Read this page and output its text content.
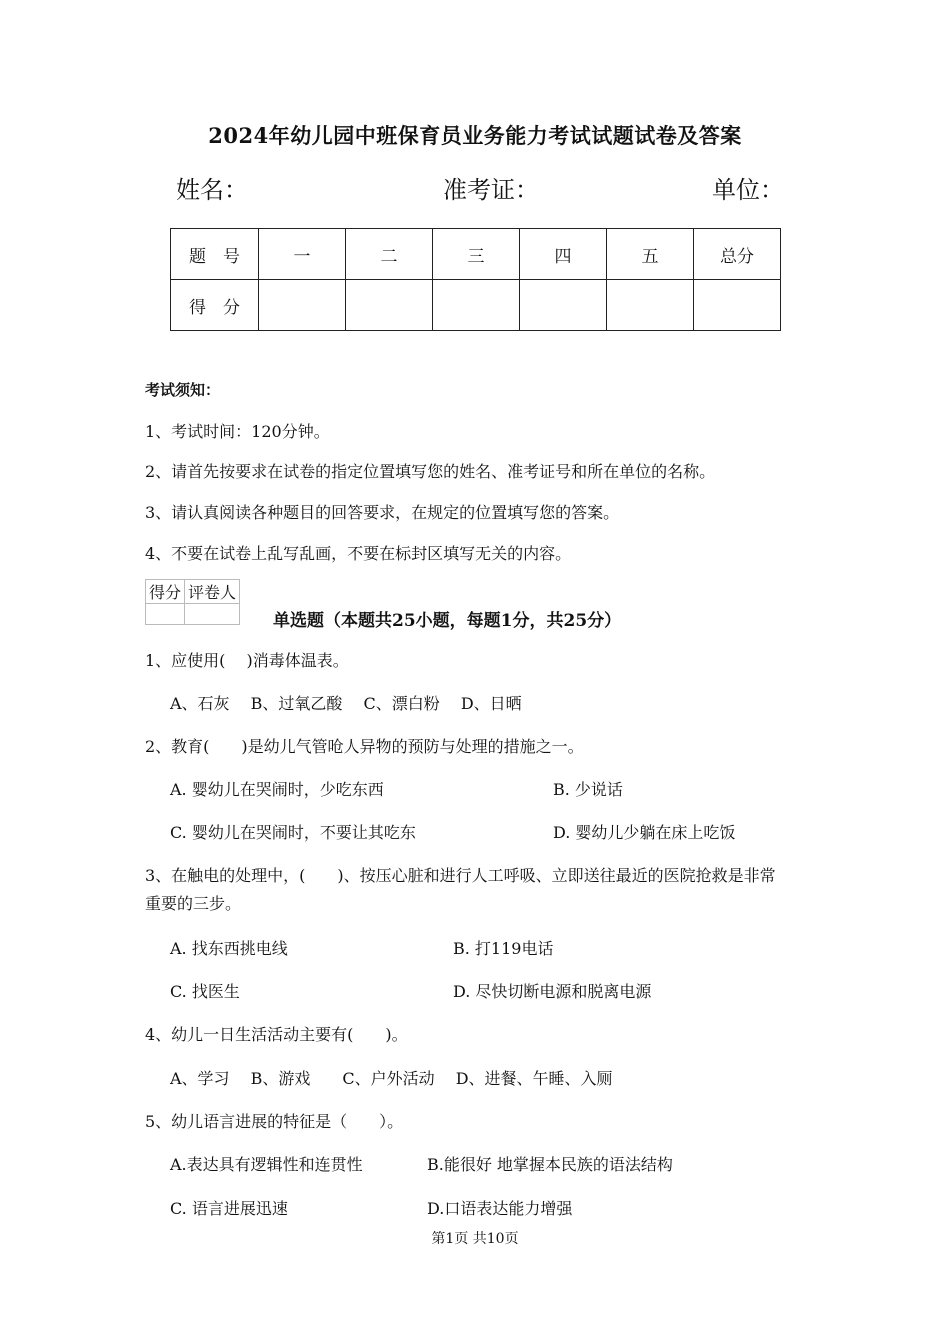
2024年幼儿园中班保育员业务能力考试试题试卷及答案
姓名：	准考证：	单位：
题　号	一	二	三	四	五	总分
得　分						
考试须知：
1、考试时间：120分钟。
2、请首先按要求在试卷的指定位置填写您的姓名、准考证号和所在单位的名称。
3、请认真阅读各种题目的回答要求，在规定的位置填写您的答案。
4、不要在试卷上乱写乱画，不要在标封区填写无关的内容。
得分	评卷人

单选题（本题共25小题，每题1分，共25分）
1、应使用(　 )消毒体温表。
A、石灰　 B、过氧乙酸　 C、漂白粉　 D、日晒
2、教育(　　)是幼儿气管呛人异物的预防与处理的措施之一。
A. 婴幼儿在哭闹时，少吃东西	B. 少说话
C. 婴幼儿在哭闹时，不要让其吃东	D. 婴幼儿少躺在床上吃饭
3、在触电的处理中，(　　)、按压心脏和进行人工呼吸、立即送往最近的医院抢救是非常
重要的三步。
A. 找东西挑电线	B. 打119电话
C. 找医生	D. 尽快切断电源和脱离电源
4、幼儿一日生活活动主要有(　　)。
A、学习　 B、游戏　　C、户外活动　 D、进餐、午睡、入厕
5、幼儿语言进展的特征是（　　）。
A.表达具有逻辑性和连贯性	B.能很好 地掌握本民族的语法结构
C. 语言进展迅速	D.口语表达能力增强
第1页 共10页
